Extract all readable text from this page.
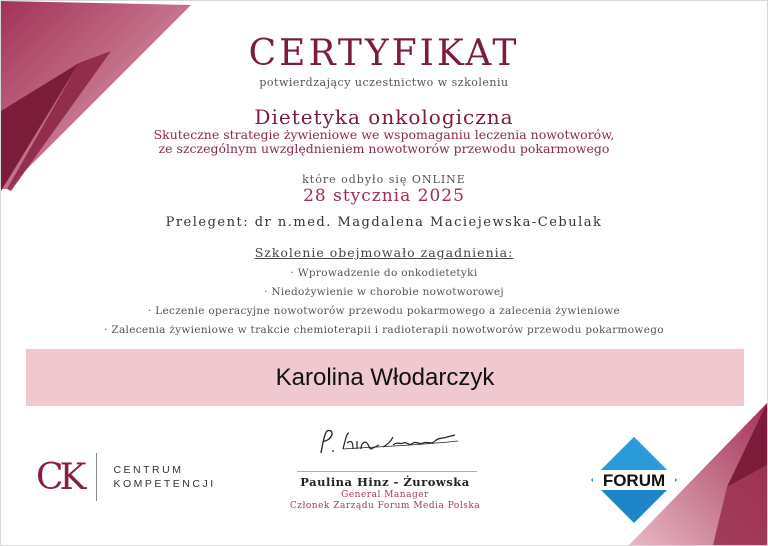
CERTYFIKAT
potwierdzający uczestnictwo w szkoleniu
Dietetyka onkologiczna
Skuteczne strategie żywieniowe we wspomaganiu leczenia nowotworów,
ze szczególnym uwzględnieniem nowotworów przewodu pokarmowego
które odbyło się ONLINE
28 stycznia 2025
Prelegent: dr n.med. Magdalena Maciejewska-Cebulak
Szkolenie obejmowało zagadnienia:
· Wprowadzenie do onkodietetyki
· Niedożywienie w chorobie nowotworowej
· Leczenie operacyjne nowotworów przewodu pokarmowego a zalecenia żywieniowe
· Zalecenia żywieniowe w trakcie chemioterapii i radioterapii nowotworów przewodu pokarmowego
Karolina Włodarczyk
CK	CENTRUM
KOMPETENCJI	Paulina Hinz - Żurowska
General Manager
Członek Zarządu Forum Media Polska
FORUM
